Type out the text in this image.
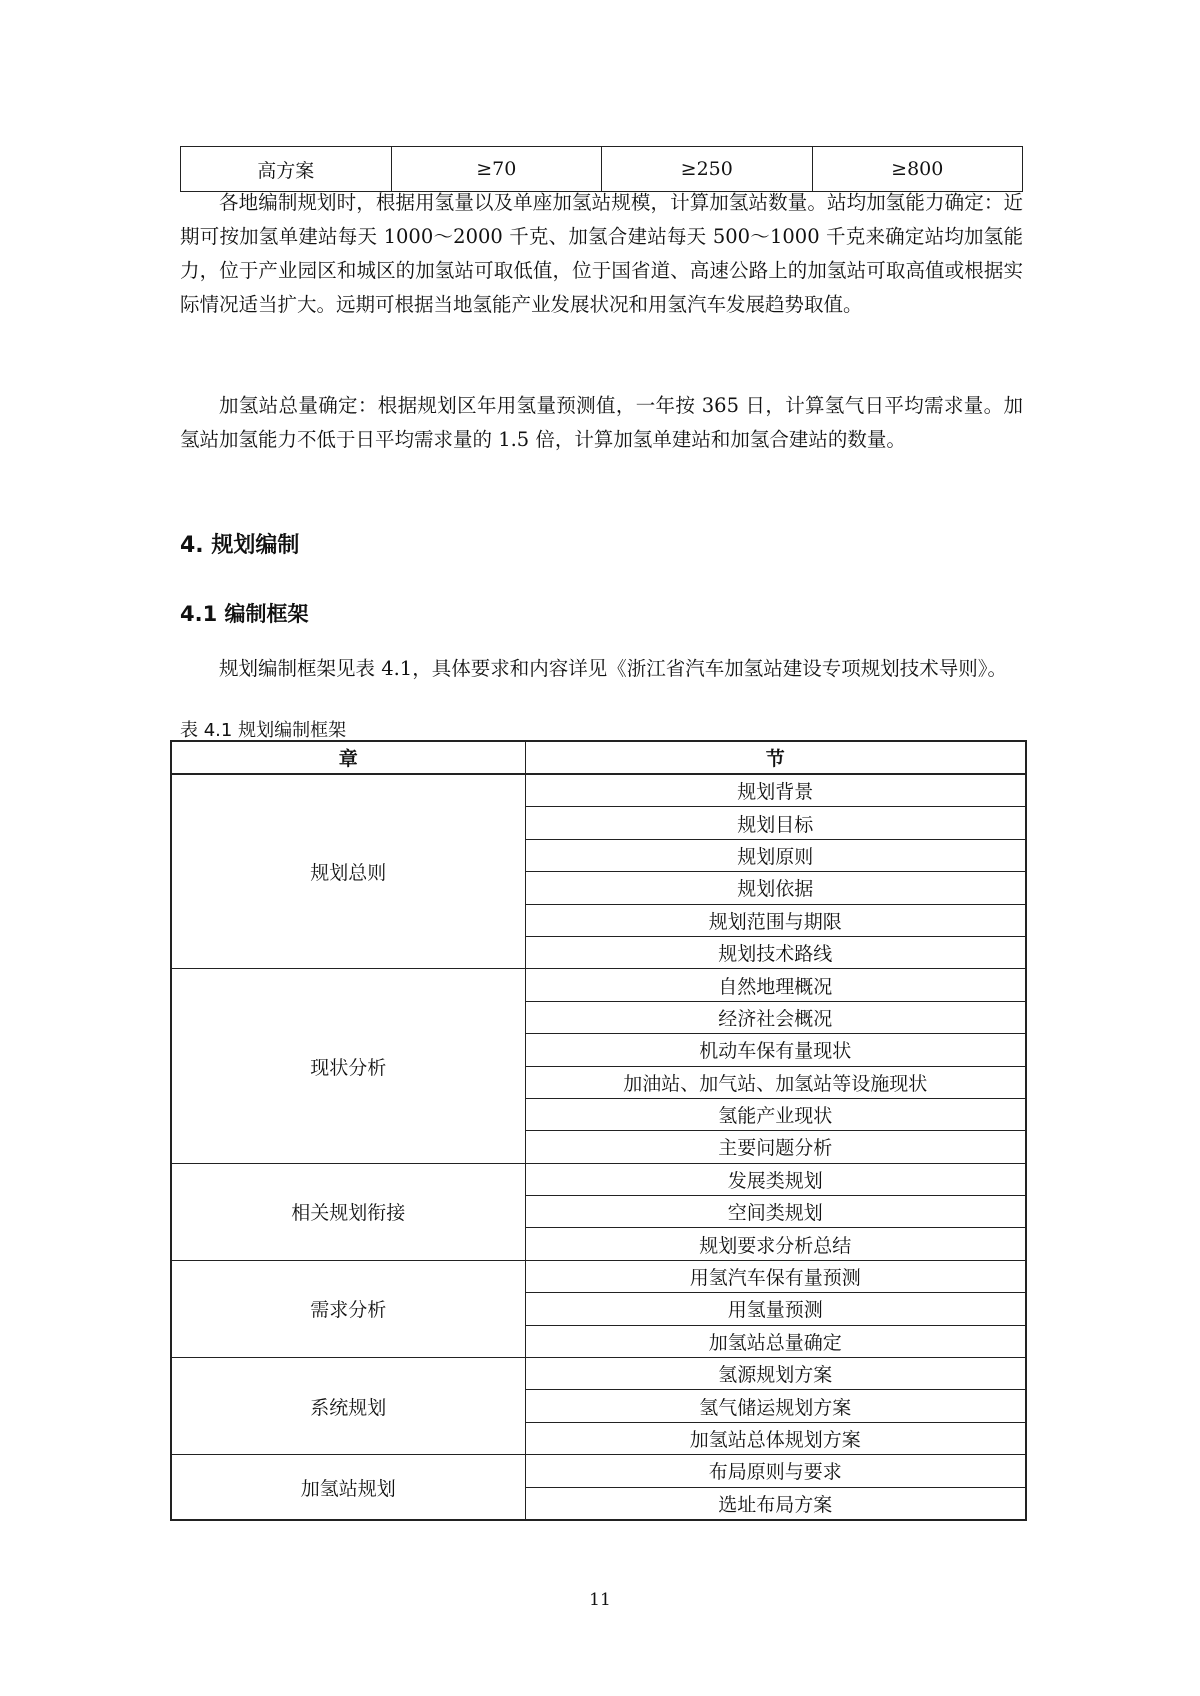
高方案	≥70	≥250	≥800

各地编制规划时，根据用氢量以及单座加氢站规模，计算加氢站数量。站均加氢能力确定：近期可按加氢单建站每天 1000～2000 千克、加氢合建站每天 500～1000 千克来确定站均加氢能力，位于产业园区和城区的加氢站可取低值，位于国省道、高速公路上的加氢站可取高值或根据实际情况适当扩大。远期可根据当地氢能产业发展状况和用氢汽车发展趋势取值。

加氢站总量确定：根据规划区年用氢量预测值，一年按 365 日，计算氢气日平均需求量。加氢站加氢能力不低于日平均需求量的 1.5 倍，计算加氢单建站和加氢合建站的数量。

4. 规划编制
4.1 编制框架

规划编制框架见表 4.1，具体要求和内容详见《浙江省汽车加氢站建设专项规划技术导则》。

表 4.1 规划编制框架

章	节
规划总则	规划背景
	规划目标
	规划原则
	规划依据
	规划范围与期限
	规划技术路线
现状分析	自然地理概况
	经济社会概况
	机动车保有量现状
	加油站、加气站、加氢站等设施现状
	氢能产业现状
	主要问题分析
相关规划衔接	发展类规划
	空间类规划
	规划要求分析总结
需求分析	用氢汽车保有量预测
	用氢量预测
	加氢站总量确定
系统规划	氢源规划方案
	氢气储运规划方案
	加氢站总体规划方案
加氢站规划	布局原则与要求
	选址布局方案
11
